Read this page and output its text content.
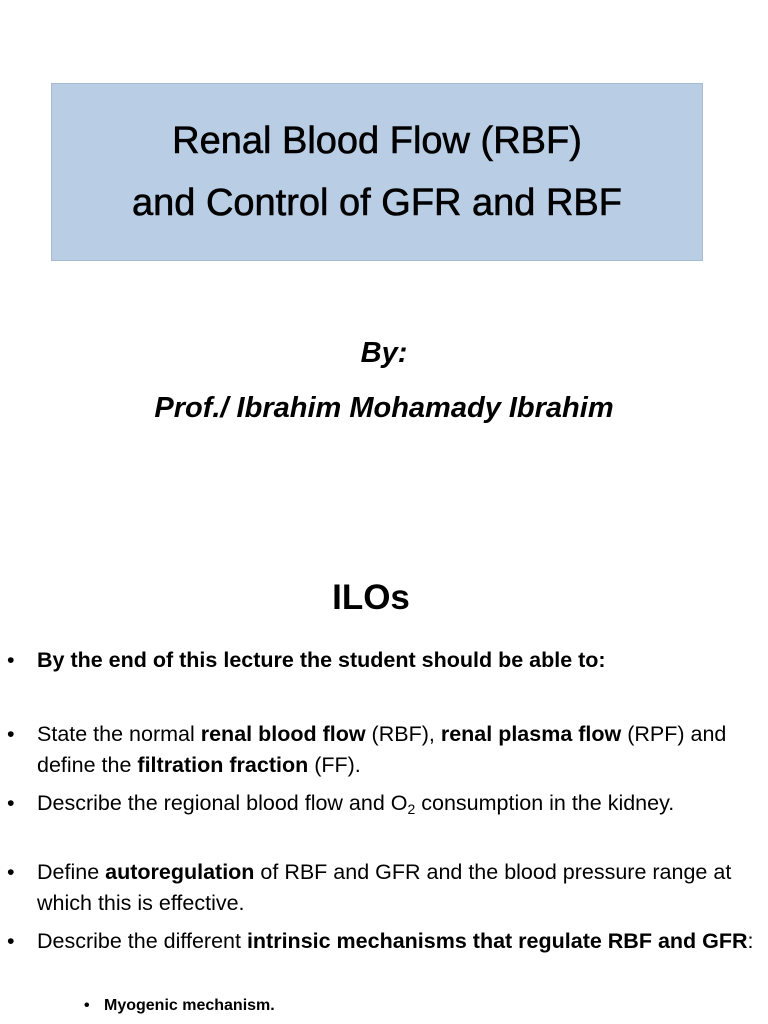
Renal Blood Flow (RBF)
and Control of GFR and RBF
By:
Prof./ Ibrahim Mohamady Ibrahim
ILOs
• By the end of this lecture the student should be able to:
• State the normal renal blood flow (RBF), renal plasma flow (RPF) and define the filtration fraction (FF).
• Describe the regional blood flow and $O_2$ consumption in the kidney.
• Define autoregulation of RBF and GFR and the blood pressure range at which this is effective.
• Describe the different intrinsic mechanisms that regulate RBF and GFR:
• Myogenic mechanism.
